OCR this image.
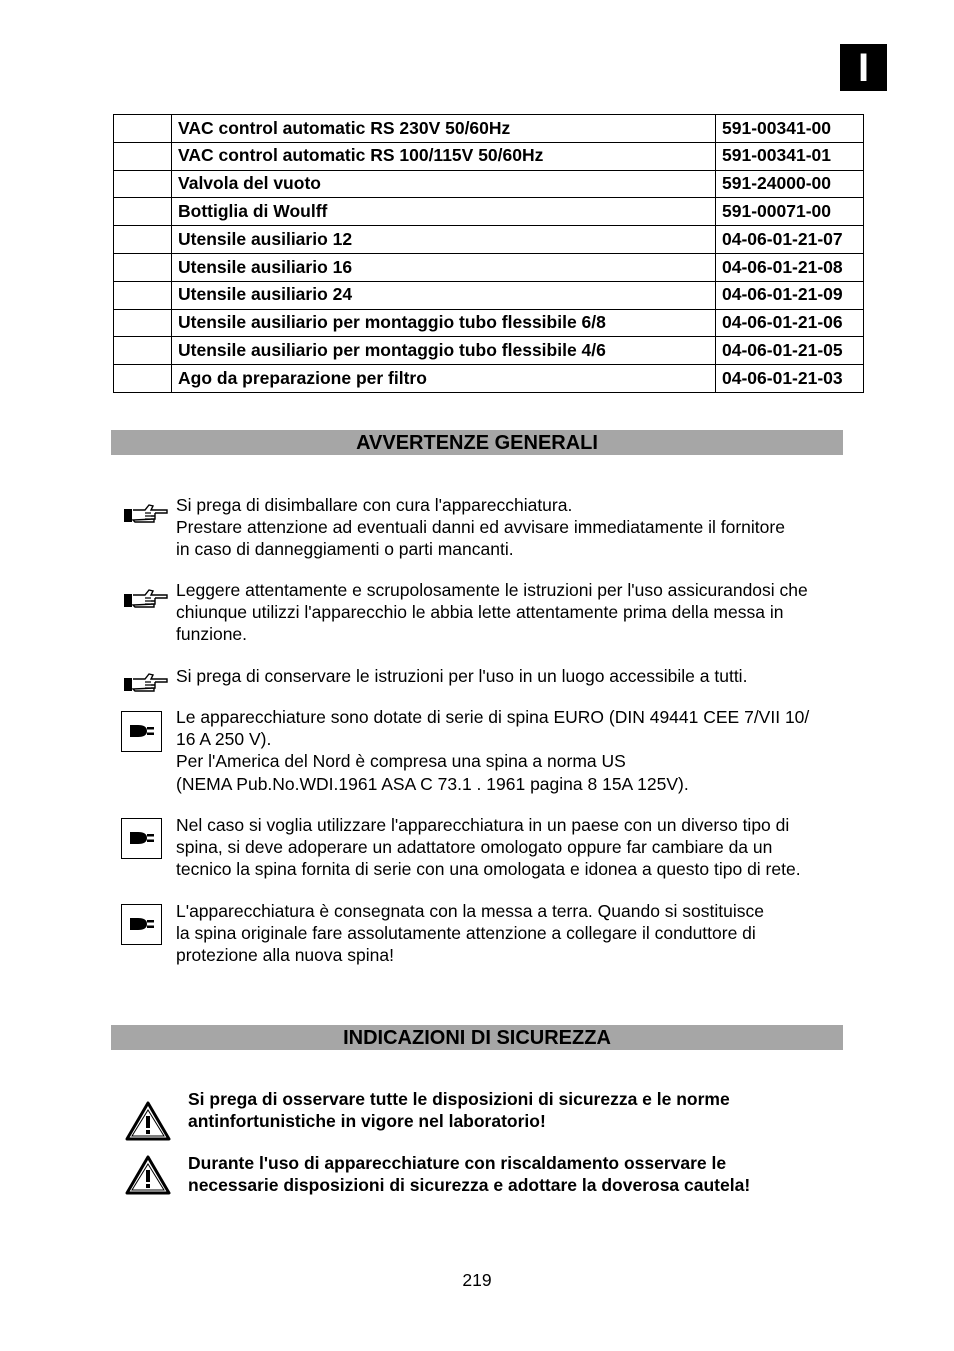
I
	VAC control automatic RS 230V 50/60Hz	591-00341-00
	VAC control automatic RS 100/115V 50/60Hz	591-00341-01
	Valvola del vuoto	591-24000-00
	Bottiglia di Woulff	591-00071-00
	Utensile ausiliario 12	04-06-01-21-07
	Utensile ausiliario 16	04-06-01-21-08
	Utensile ausiliario 24	04-06-01-21-09
	Utensile ausiliario per montaggio tubo flessibile 6/8	04-06-01-21-06
	Utensile ausiliario per montaggio tubo flessibile 4/6	04-06-01-21-05
	Ago da preparazione per filtro	04-06-01-21-03
AVVERTENZE GENERALI

Si prega di disimballare con cura l'apparecchiatura.

Prestare attenzione ad eventuali danni ed avvisare immediatamente il fornitore

in caso di danneggiamenti o parti mancanti.

Leggere attentamente e scrupolosamente le istruzioni per l'uso assicurandosi che

chiunque utilizzi l'apparecchio le abbia lette attentamente prima della messa in

funzione.

Si prega di conservare le istruzioni per l'uso in un luogo accessibile a tutti.

Le apparecchiature sono dotate di serie di spina EURO (DIN 49441 CEE 7/VII 10/

16 A 250 V).

Per l'America del Nord è compresa una spina a norma US

(NEMA Pub.No.WDI.1961 ASA C 73.1 . 1961 pagina 8 15A 125V).

Nel caso si voglia utilizzare l'apparecchiatura in un paese con un diverso tipo di

spina, si deve adoperare un adattatore omologato oppure far cambiare da un

tecnico la spina fornita di serie con una omologata e idonea a questo tipo di rete.

L'apparecchiatura è consegnata con la messa a terra. Quando si sostituisce

la spina originale fare assolutamente attenzione a collegare il conduttore di

protezione alla nuova spina!

INDICAZIONI DI SICUREZZA

Si prega di osservare tutte le disposizioni di sicurezza e le norme

antinfortunistiche in vigore nel laboratorio!

Durante l'uso di apparecchiature con riscaldamento osservare le

necessarie disposizioni di sicurezza e adottare la doverosa cautela!

219
